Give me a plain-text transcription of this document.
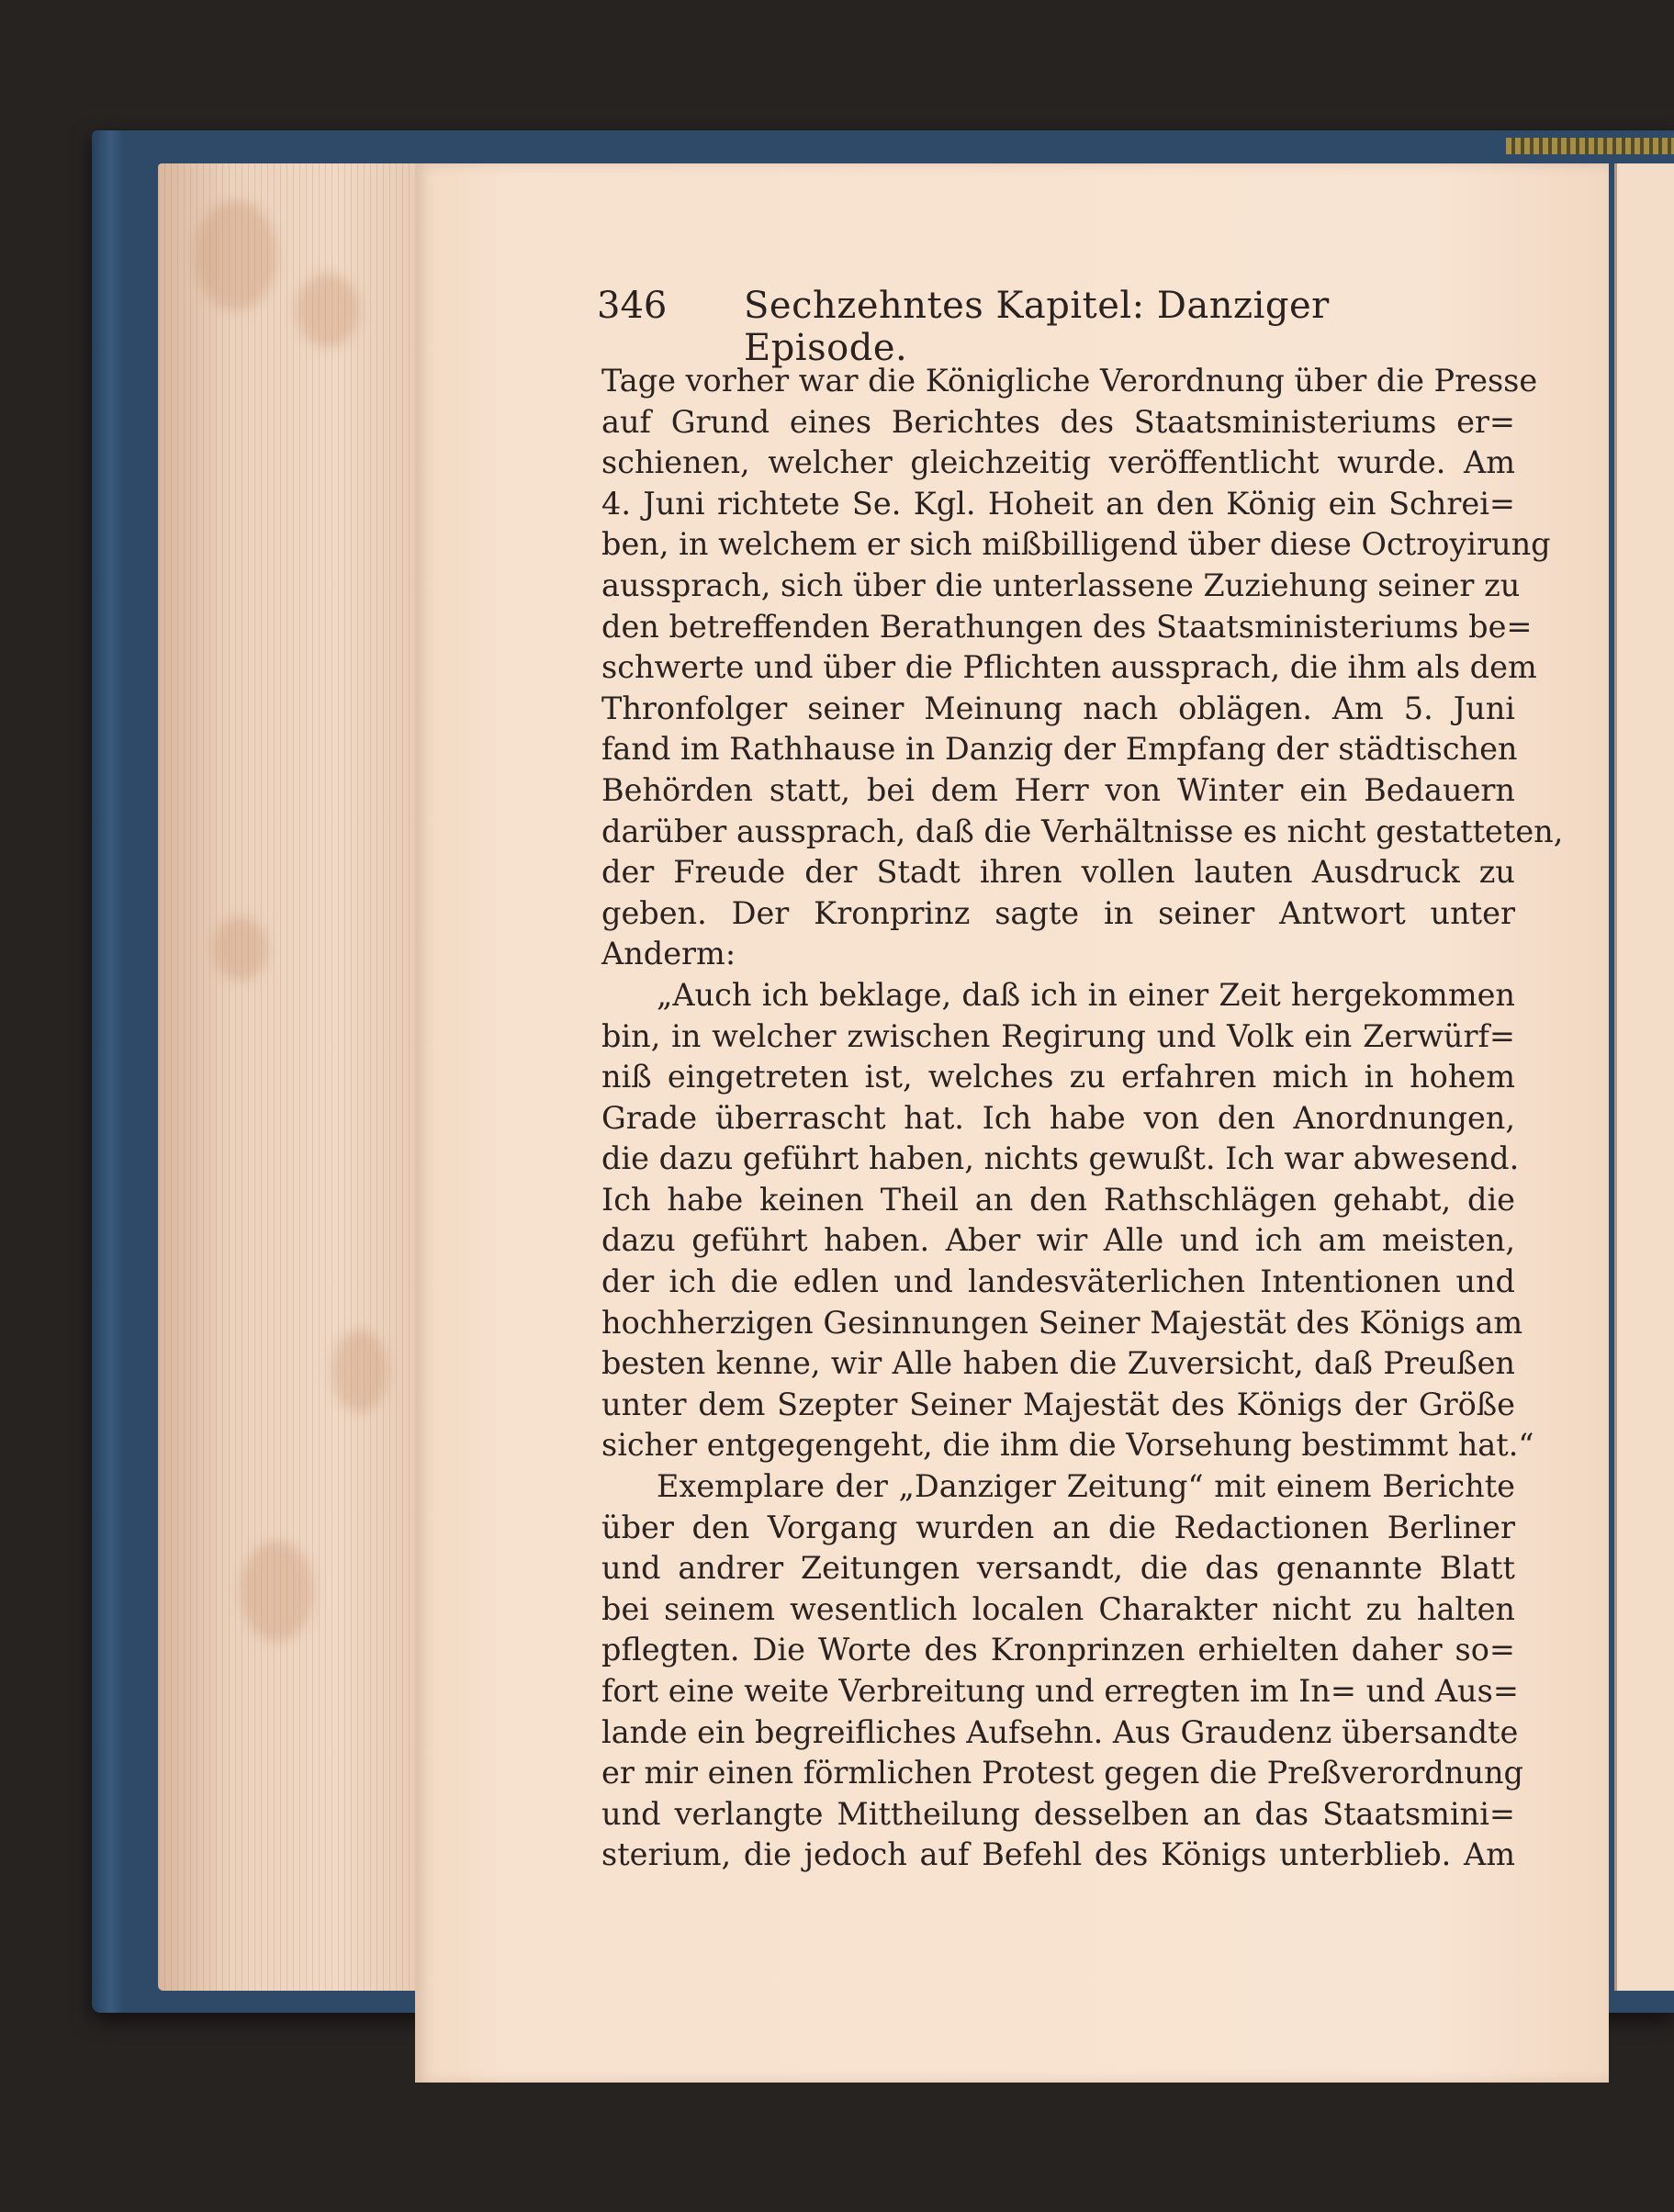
346 Sechzehntes Kapitel: Danziger Episode.
Tage vorher war die Königliche Verordnung über die Presse
auf Grund eines Berichtes des Staatsministeriums er=
schienen, welcher gleichzeitig veröffentlicht wurde. Am
4. Juni richtete Se. Kgl. Hoheit an den König ein Schrei=
ben, in welchem er sich mißbilligend über diese Octroyirung
aussprach, sich über die unterlassene Zuziehung seiner zu
den betreffenden Berathungen des Staatsministeriums be=
schwerte und über die Pflichten aussprach, die ihm als dem
Thronfolger seiner Meinung nach oblägen. Am 5. Juni
fand im Rathhause in Danzig der Empfang der städtischen
Behörden statt, bei dem Herr von Winter ein Bedauern
darüber aussprach, daß die Verhältnisse es nicht gestatteten,
der Freude der Stadt ihren vollen lauten Ausdruck zu
geben. Der Kronprinz sagte in seiner Antwort unter
Anderm:
„Auch ich beklage, daß ich in einer Zeit hergekommen
bin, in welcher zwischen Regirung und Volk ein Zerwürf=
niß eingetreten ist, welches zu erfahren mich in hohem
Grade überrascht hat. Ich habe von den Anordnungen,
die dazu geführt haben, nichts gewußt. Ich war abwesend.
Ich habe keinen Theil an den Rathschlägen gehabt, die
dazu geführt haben. Aber wir Alle und ich am meisten,
der ich die edlen und landesväterlichen Intentionen und
hochherzigen Gesinnungen Seiner Majestät des Königs am
besten kenne, wir Alle haben die Zuversicht, daß Preußen
unter dem Szepter Seiner Majestät des Königs der Größe
sicher entgegengeht, die ihm die Vorsehung bestimmt hat.“
Exemplare der „Danziger Zeitung“ mit einem Berichte
über den Vorgang wurden an die Redactionen Berliner
und andrer Zeitungen versandt, die das genannte Blatt
bei seinem wesentlich localen Charakter nicht zu halten
pflegten. Die Worte des Kronprinzen erhielten daher so=
fort eine weite Verbreitung und erregten im In= und Aus=
lande ein begreifliches Aufsehn. Aus Graudenz übersandte
er mir einen förmlichen Protest gegen die Preßverordnung
und verlangte Mittheilung desselben an das Staatsmini=
sterium, die jedoch auf Befehl des Königs unterblieb. Am
